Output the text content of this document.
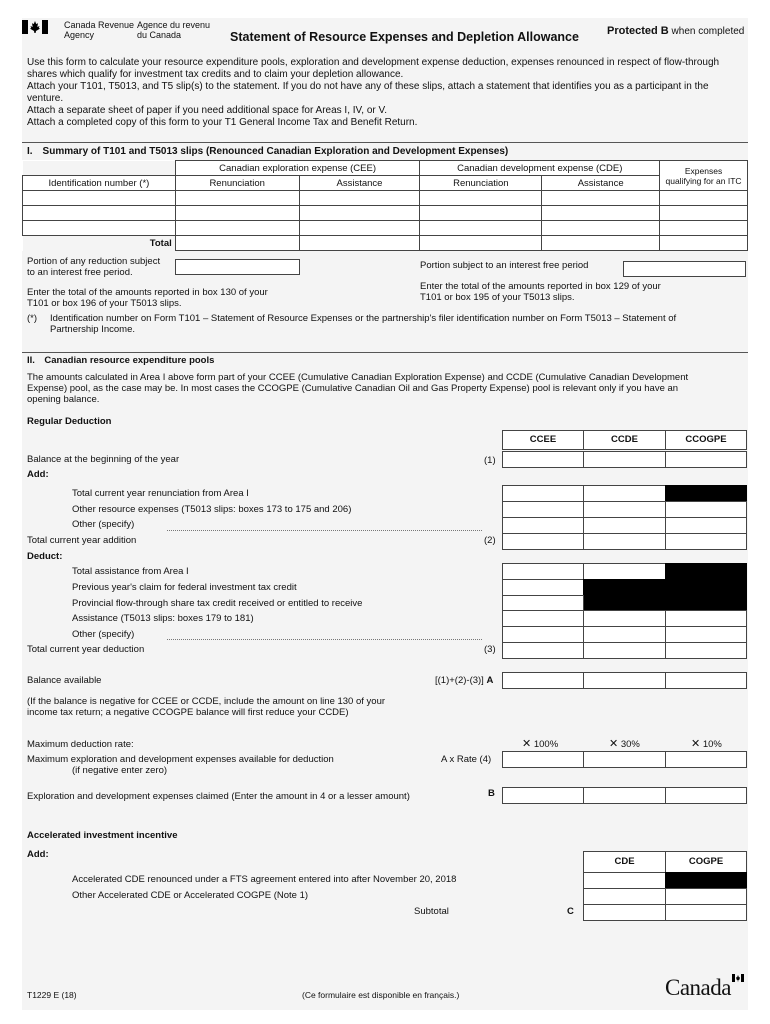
Canada Revenue
Agency
Agence du revenu
du Canada	Statement of Resource Expenses and Depletion Allowance	Protected B when completed
Use this form to calculate your resource expenditure pools, exploration and development expense deduction, expenses renounced in respect of flow-through
shares which qualify for investment tax credits and to claim your depletion allowance.
Attach your T101, T5013, and T5 slip(s) to the statement. If you do not have any of these slips, attach a statement that identifies you as a participant in the
venture.
Attach a separate sheet of paper if you need additional space for Areas I, IV, or V.
Attach a completed copy of this form to your T1 General Income Tax and Benefit Return.
I. Summary of T101 and T5013 slips (Renounced Canadian Exploration and Development Expenses)
	Canadian exploration expense (CEE)		Canadian development expense (CDE)		Expenses
qualifying for an ITC

Identification number (*)	Renunciation	Assistance	Renunciation	Assistance	

Total					
Portion of any reduction subject
to an interest free period.
Portion subject to an interest free period
Enter the total of the amounts reported in box 130 of your
T101 or box 196 of your T5013 slips.
Enter the total of the amounts reported in box 129 of your
T101 or box 195 of your T5013 slips.
(*) Identification number on Form T101 – Statement of Resource Expenses or the partnership's filer identification number on Form T5013 – Statement of
Partnership Income.
II. Canadian resource expenditure pools
The amounts calculated in Area I above form part of your CCEE (Cumulative Canadian Exploration Expense) and CCDE (Cumulative Canadian Development
Expense) pool, as the case may be. In most cases the CCOGPE (Cumulative Canadian Oil and Gas Property Expense) pool is relevant only if you have an
opening balance.
Regular Deduction
CCEE	CCDE	CCOGPE
Balance at the beginning of the year	(1)
Add:
Total current year renunciation from Area I
Other resource expenses (T5013 slips: boxes 173 to 175 and 206)
Other (specify)
Total current year addition	(2)
Deduct:
Total assistance from Area I
Previous year's claim for federal investment tax credit
Provincial flow-through share tax credit received or entitled to receive
Assistance (T5013 slips: boxes 179 to 181)
Other (specify)
Total current year deduction	(3)
Balance available	[(1)+(2)-(3)] A
(If the balance is negative for CCEE or CCDE, include the amount on line 130 of your
income tax return; a negative CCOGPE balance will first reduce your CCDE)
Maximum deduction rate:	✕ 100%	✕ 30%	✕ 10%
Maximum exploration and development expenses available for deduction
(if negative enter zero)
A x Rate (4)
Exploration and development expenses claimed (Enter the amount in 4 or a lesser amount)	B
Accelerated investment incentive
Add:
CDE	COGPE
Accelerated CDE renounced under a FTS agreement entered into after November 20, 2018
Other Accelerated CDE or Accelerated COGPE (Note 1)
Subtotal	C
T1229 E (18)	(Ce formulaire est disponible en français.)	Canada
